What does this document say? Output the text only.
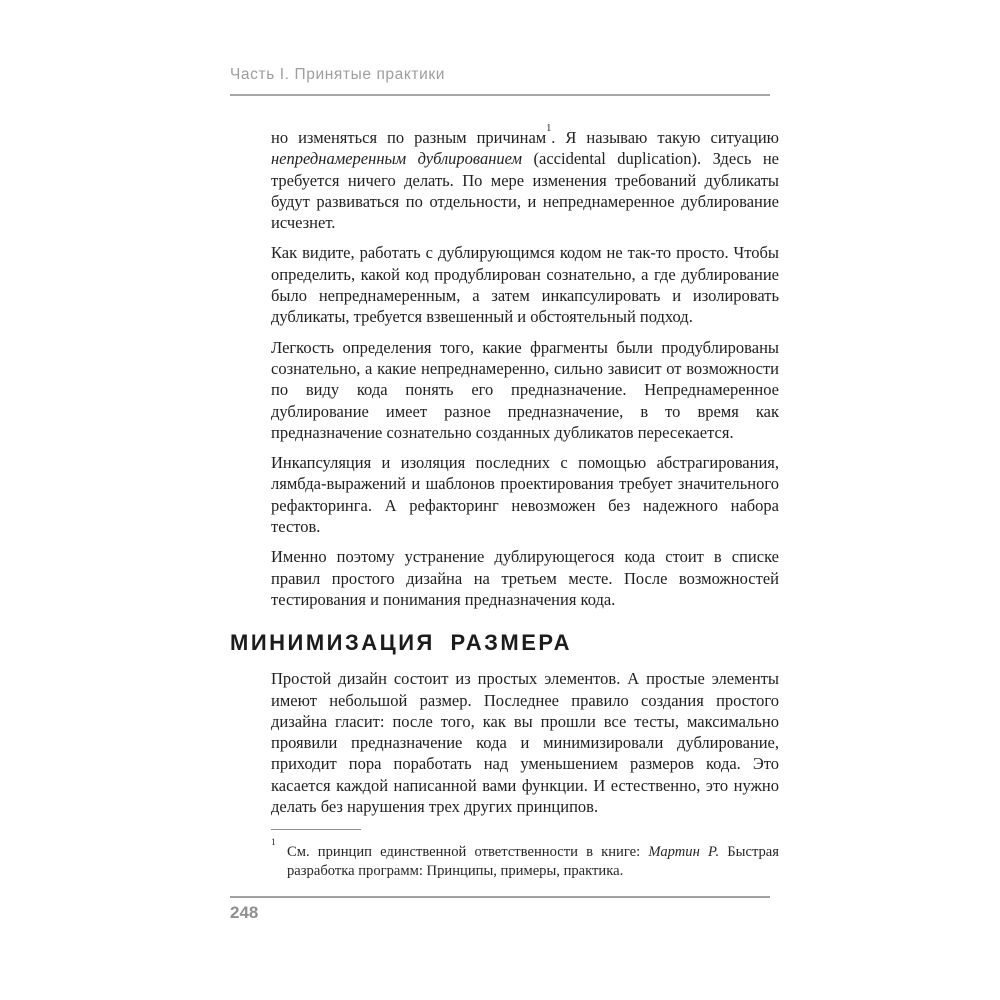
Часть I. Принятые практики

но изменяться по разным причинам$^1$. Я называю такую ситуацию непреднамеренным дублированием (accidental duplication). Здесь не требуется ничего делать. По мере изменения требований дубликаты будут развиваться по отдельности, и непреднамеренное дублирование исчезнет.

Как видите, работать с дублирующимся кодом не так-то просто. Чтобы определить, какой код продублирован сознательно, а где дублирование было непреднамеренным, а затем инкапсулировать и изолировать дубликаты, требуется взвешенный и обстоятельный подход.

Легкость определения того, какие фрагменты были продублированы сознательно, а какие непреднамеренно, сильно зависит от возможности по виду кода понять его предназначение. Непреднамеренное дублирование имеет разное предназначение, в то время как предназначение сознательно созданных дубликатов пересекается.

Инкапсуляция и изоляция последних с помощью абстрагирования, лямбда-выражений и шаблонов проектирования требует значительного рефакторинга. А рефакторинг невозможен без надежного набора тестов.

Именно поэтому устранение дублирующегося кода стоит в списке правил простого дизайна на третьем месте. После возможностей тестирования и понимания предназначения кода.

МИНИМИЗАЦИЯ РАЗМЕРА

Простой дизайн состоит из простых элементов. А простые элементы имеют небольшой размер. Последнее правило создания простого дизайна гласит: после того, как вы прошли все тесты, максимально проявили предназначение кода и минимизировали дублирование, приходит пора поработать над уменьшением размеров кода. Это касается каждой написанной вами функции. И естественно, это нужно делать без нарушения трех других принципов.

$^1$См. принцип единственной ответственности в книге: Мартин Р. Быстрая разработка программ: Принципы, примеры, практика.

248
